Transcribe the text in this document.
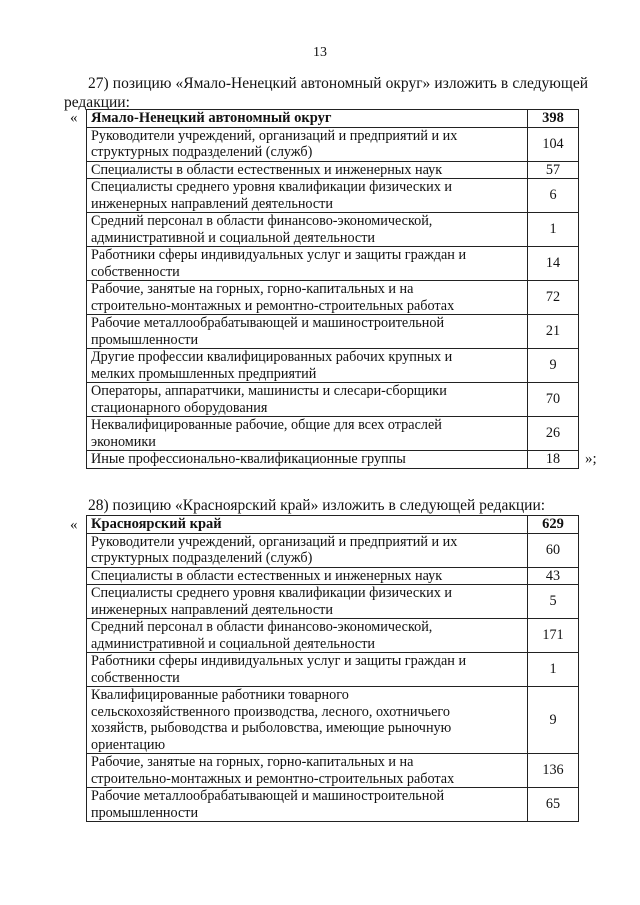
13
27) позицию «Ямало-Ненецкий автономный округ» изложить в следующей
редакции:
« Ямало-Ненецкий автономный округ	398

Руководители учреждений, организаций и предприятий и их
структурных подразделений (служб)	104

Специалисты в области естественных и инженерных наук	57

Специалисты среднего уровня квалификации физических и
инженерных направлений деятельности	6

Средний персонал в области финансово-экономической,
административной и социальной деятельности	1

Работники сферы индивидуальных услуг и защиты граждан и
собственности	14

Рабочие, занятые на горных, горно-капитальных и на
строительно-монтажных и ремонтно-строительных работах	72

Рабочие металлообрабатывающей и машиностроительной
промышленности	21

Другие профессии квалифицированных рабочих крупных и
мелких промышленных предприятий	9

Операторы, аппаратчики, машинисты и слесари-сборщики
стационарного оборудования	70

Неквалифицированные рабочие, общие для всех отраслей
экономики	26

Иные профессионально-квалификационные группы	18 »;
28) позицию «Красноярский край» изложить в следующей редакции:
« Красноярский край	629

Руководители учреждений, организаций и предприятий и их
структурных подразделений (служб)	60

Специалисты в области естественных и инженерных наук	43

Специалисты среднего уровня квалификации физических и
инженерных направлений деятельности	5

Средний персонал в области финансово-экономической,
административной и социальной деятельности	171

Работники сферы индивидуальных услуг и защиты граждан и
собственности	1

Квалифицированные работники товарного
сельскохозяйственного производства, лесного, охотничьего
хозяйств, рыбоводства и рыболовства, имеющие рыночную
ориентацию	9

Рабочие, занятые на горных, горно-капитальных и на
строительно-монтажных и ремонтно-строительных работах	136

Рабочие металлообрабатывающей и машиностроительной
промышленности	65
